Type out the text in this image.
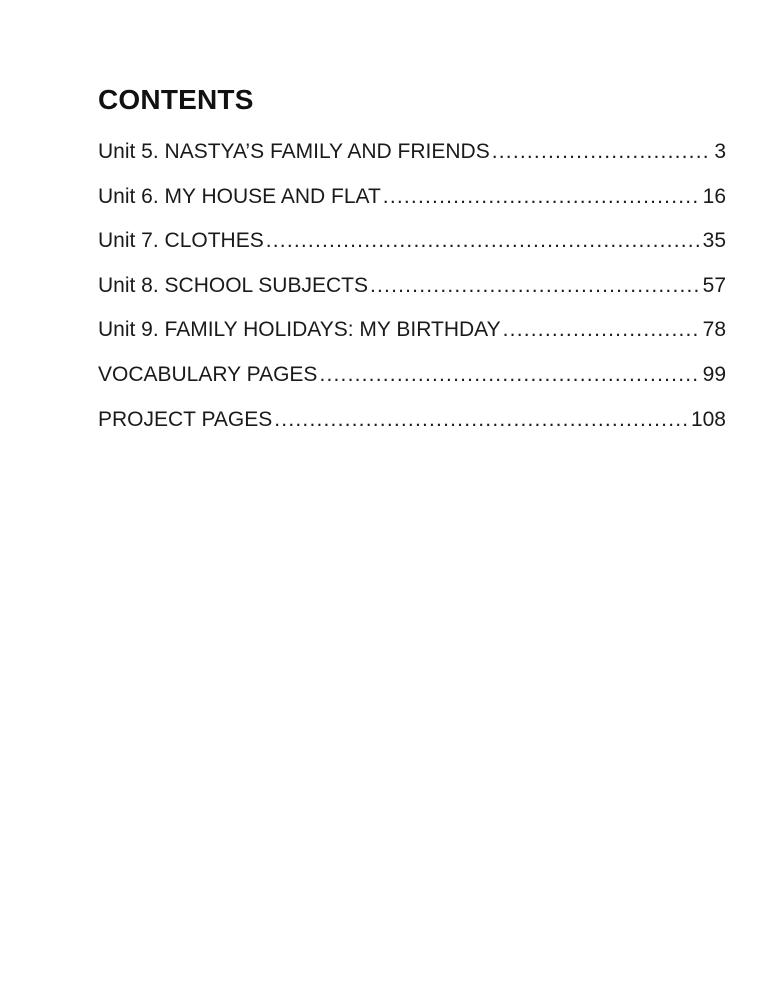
CONTENTS
Unit 5. NASTYA’S FAMILY AND FRIENDS .....	3
Unit 6. MY HOUSE AND FLAT .....	16
Unit 7. CLOTHES .....	35
Unit 8. SCHOOL SUBJECTS .....	57
Unit 9. FAMILY HOLIDAYS: MY BIRTHDAY .....	78
VOCABULARY PAGES .....	99
PROJECT PAGES .....	108
